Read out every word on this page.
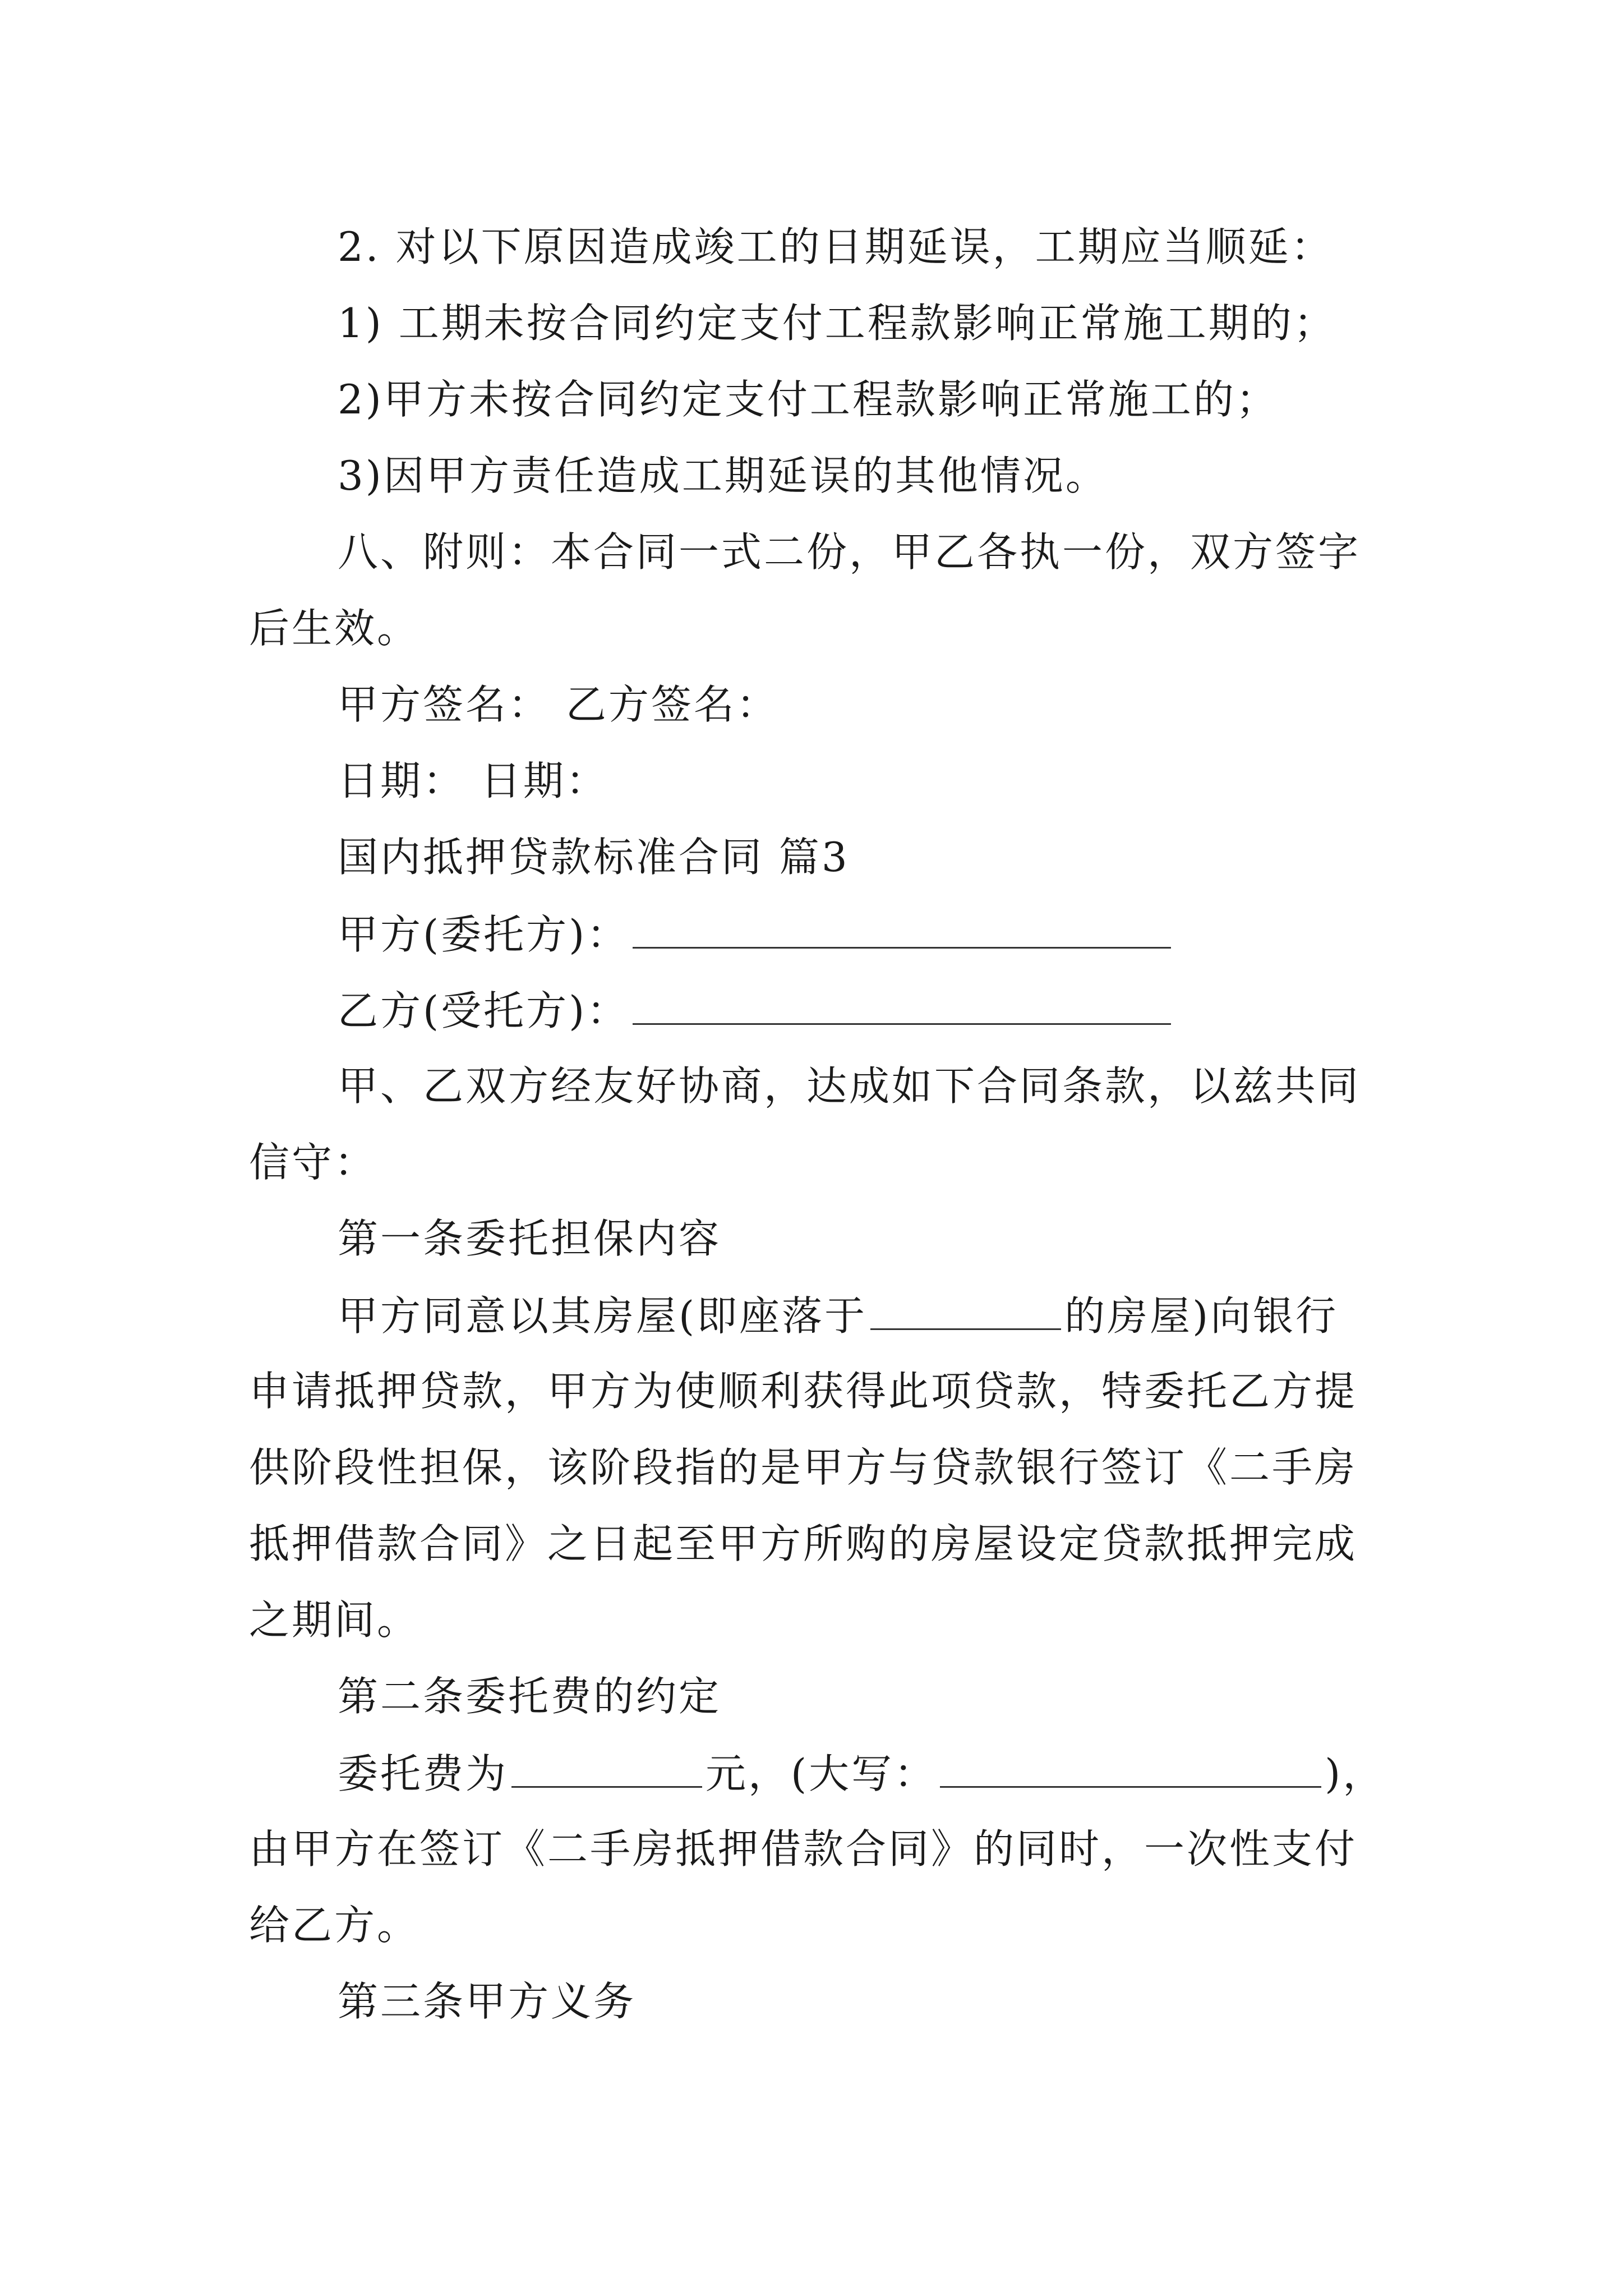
2. 对以下原因造成竣工的日期延误，工期应当顺延：
1) 工期未按合同约定支付工程款影响正常施工期的；
2)甲方未按合同约定支付工程款影响正常施工的；
3)因甲方责任造成工期延误的其他情况。
八、附则：本合同一式二份，甲乙各执一份，双方签字
后生效。
甲方签名： 乙方签名：
日期： 日期：
国内抵押贷款标准合同 篇3
甲方(委托方)：
乙方(受托方)：
甲、乙双方经友好协商，达成如下合同条款，以兹共同
信守：
第一条委托担保内容
甲方同意以其房屋(即座落于	的房屋)向银行
申请抵押贷款，甲方为使顺利获得此项贷款，特委托乙方提
供阶段性担保，该阶段指的是甲方与贷款银行签订《二手房
抵押借款合同》之日起至甲方所购的房屋设定贷款抵押完成
之期间。
第二条委托费的约定
委托费为	元，(大写：	)，
由甲方在签订《二手房抵押借款合同》的同时，一次性支付
给乙方。
第三条甲方义务
